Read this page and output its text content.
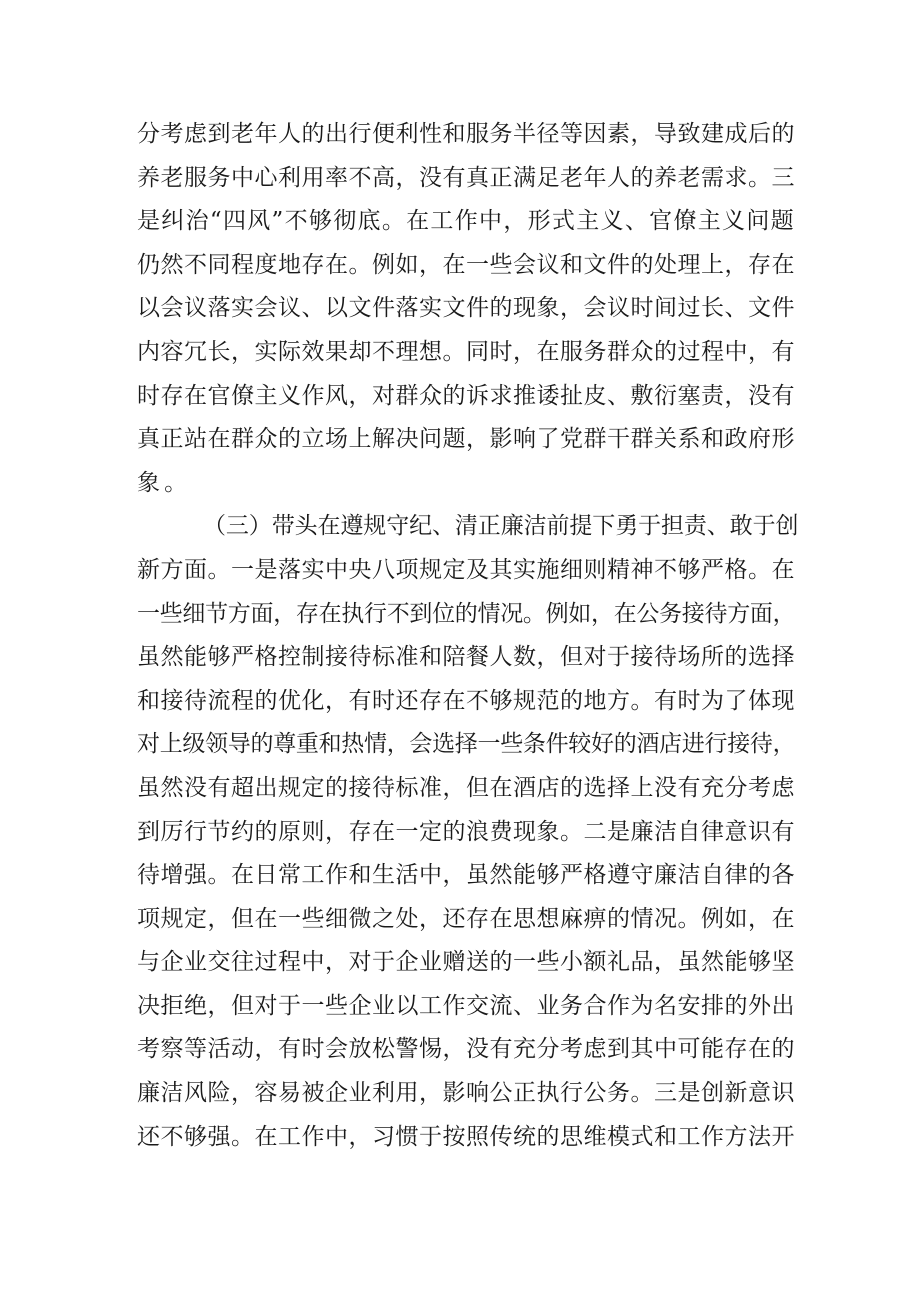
分考虑到老年人的出行便利性和服务半径等因素，导致建成后的
养老服务中心利用率不高，没有真正满足老年人的养老需求。三
是纠治“四风”不够彻底。在工作中，形式主义、官僚主义问题
仍然不同程度地存在。例如，在一些会议和文件的处理上，存在
以会议落实会议、以文件落实文件的现象，会议时间过长、文件
内容冗长，实际效果却不理想。同时，在服务群众的过程中，有
时存在官僚主义作风，对群众的诉求推诿扯皮、敷衍塞责，没有
真正站在群众的立场上解决问题，影响了党群干群关系和政府形
象。
（三）带头在遵规守纪、清正廉洁前提下勇于担责、敢于创
新方面。一是落实中央八项规定及其实施细则精神不够严格。在
一些细节方面，存在执行不到位的情况。例如，在公务接待方面，
虽然能够严格控制接待标准和陪餐人数，但对于接待场所的选择
和接待流程的优化，有时还存在不够规范的地方。有时为了体现
对上级领导的尊重和热情，会选择一些条件较好的酒店进行接待，
虽然没有超出规定的接待标准，但在酒店的选择上没有充分考虑
到厉行节约的原则，存在一定的浪费现象。二是廉洁自律意识有
待增强。在日常工作和生活中，虽然能够严格遵守廉洁自律的各
项规定，但在一些细微之处，还存在思想麻痹的情况。例如，在
与企业交往过程中，对于企业赠送的一些小额礼品，虽然能够坚
决拒绝，但对于一些企业以工作交流、业务合作为名安排的外出
考察等活动，有时会放松警惕，没有充分考虑到其中可能存在的
廉洁风险，容易被企业利用，影响公正执行公务。三是创新意识
还不够强。在工作中，习惯于按照传统的思维模式和工作方法开
